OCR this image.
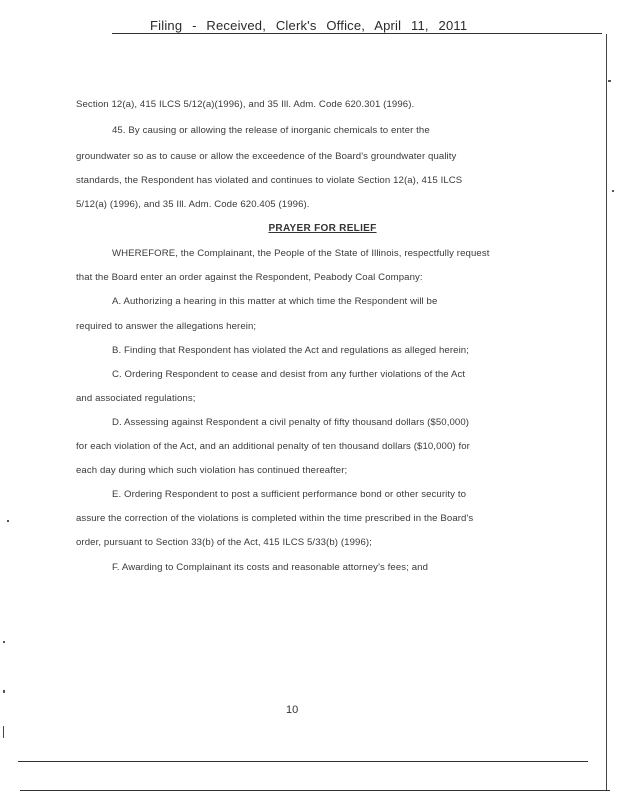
Filing - Received, Clerk's Office, April 11, 2011
Section 12(a), 415 ILCS 5/12(a)(1996), and 35 Ill. Adm. Code 620.301 (1996).
45. By causing or allowing the release of inorganic chemicals to enter the
groundwater so as to cause or allow the exceedence of the Board's groundwater quality
standards, the Respondent has violated and continues to violate Section 12(a), 415 ILCS
5/12(a) (1996), and 35 Ill. Adm. Code 620.405 (1996).
PRAYER FOR RELIEF
WHEREFORE, the Complainant, the People of the State of Illinois, respectfully request
that the Board enter an order against the Respondent, Peabody Coal Company:
A. Authorizing a hearing in this matter at which time the Respondent will be
required to answer the allegations herein;
B. Finding that Respondent has violated the Act and regulations as alleged herein;
C. Ordering Respondent to cease and desist from any further violations of the Act
and associated regulations;
D. Assessing against Respondent a civil penalty of fifty thousand dollars ($50,000)
for each violation of the Act, and an additional penalty of ten thousand dollars ($10,000) for
each day during which such violation has continued thereafter;
E. Ordering Respondent to post a sufficient performance bond or other security to
assure the correction of the violations is completed within the time prescribed in the Board's
order, pursuant to Section 33(b) of the Act, 415 ILCS 5/33(b) (1996);
F. Awarding to Complainant its costs and reasonable attorney's fees; and
10
